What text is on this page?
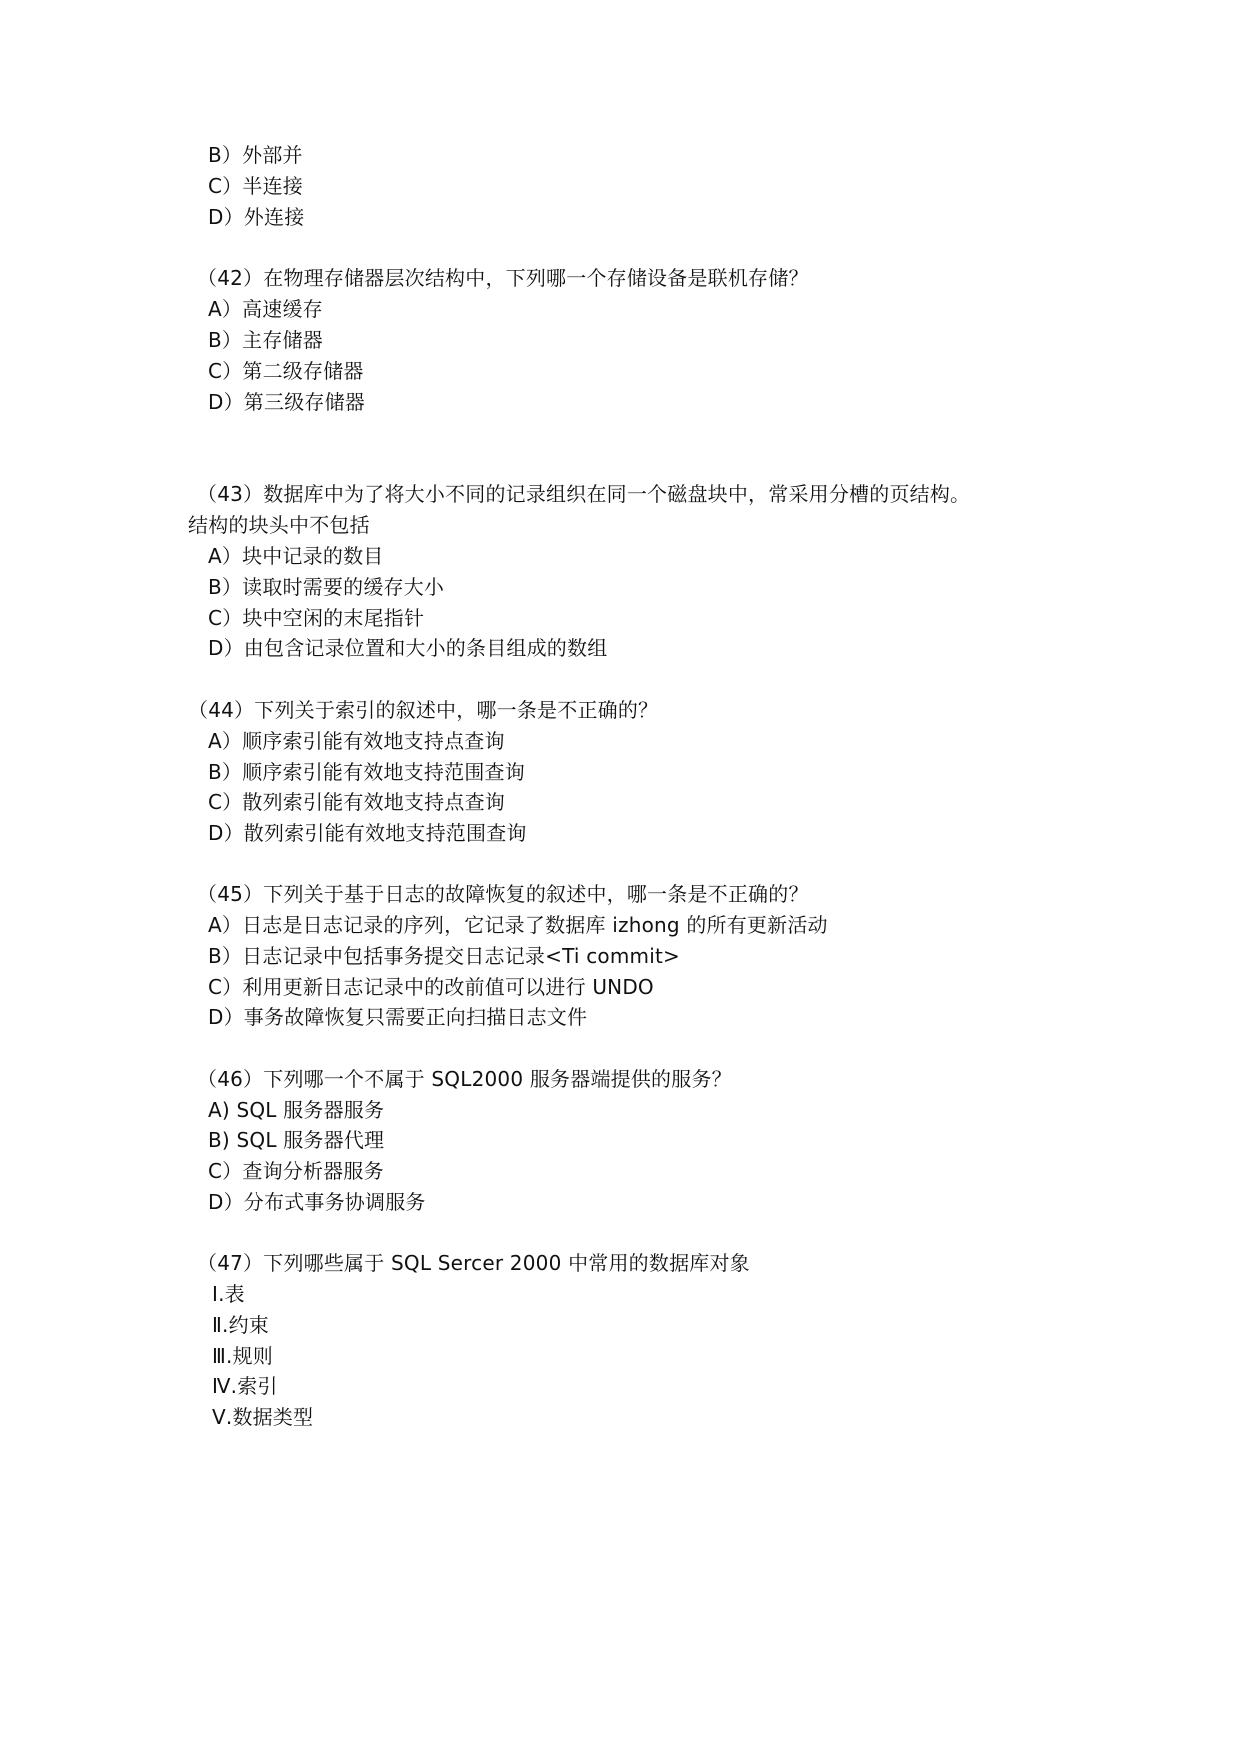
B）外部并
C）半连接
D）外连接
（42）在物理存储器层次结构中，下列哪一个存储设备是联机存储？
A）高速缓存
B）主存储器
C）第二级存储器
D）第三级存储器
（43）数据库中为了将大小不同的记录组织在同一个磁盘块中，常采用分槽的页结构。
结构的块头中不包括
A）块中记录的数目
B）读取时需要的缓存大小
C）块中空闲的末尾指针
D）由包含记录位置和大小的条目组成的数组
（44）下列关于索引的叙述中，哪一条是不正确的？
A）顺序索引能有效地支持点查询
B）顺序索引能有效地支持范围查询
C）散列索引能有效地支持点查询
D）散列索引能有效地支持范围查询
（45）下列关于基于日志的故障恢复的叙述中，哪一条是不正确的？
A）日志是日志记录的序列，它记录了数据库 izhong 的所有更新活动
B）日志记录中包括事务提交日志记录<Ti commit>
C）利用更新日志记录中的改前值可以进行 UNDO
D）事务故障恢复只需要正向扫描日志文件
（46）下列哪一个不属于 SQL2000 服务器端提供的服务？
A) SQL 服务器服务
B) SQL 服务器代理
C）查询分析器服务
D）分布式事务协调服务
（47）下列哪些属于 SQL Sercer 2000 中常用的数据库对象
Ⅰ.表
Ⅱ.约束
Ⅲ.规则
Ⅳ.索引
Ⅴ.数据类型
